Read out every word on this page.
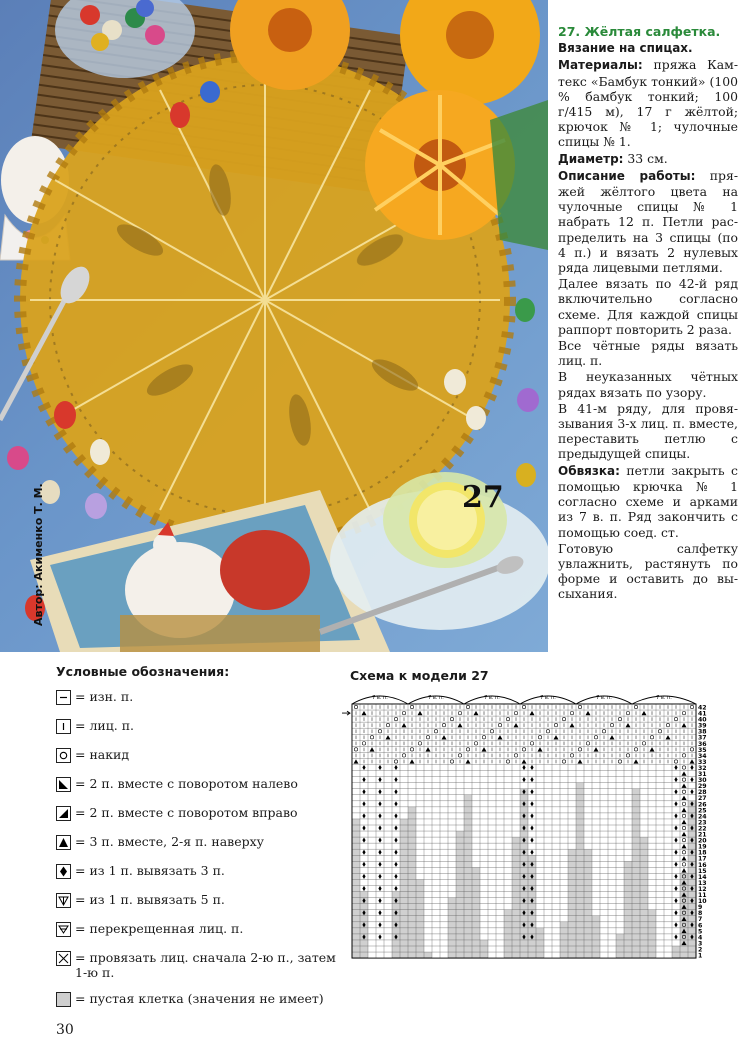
27
Автор: Акименко Т. М.

27. Жёлтая салфетка.

Вязание на спицах.

Материалы: пряжа Камтекс «Бамбук тонкий» (100 % бамбук тонкий; 100 г/415 м), 17 г жёлтой; крючок № 1; чулочные спицы № 1.

Диаметр: 33 см.

Описание работы: пряжей жёлтого цвета на чулочные спицы № 1 набрать 12 п. Петли распределить на 3 спицы (по 4 п.) и вязать 2 нулевых ряда лицевыми петлями.

Далее вязать по 42-й ряд включительно согласно схеме. Для каждой спицы раппорт повторить 2 раза.

Все чётные ряды вязать лиц. п.

В неуказанных чётных рядах вязать по узору.

В 41-м ряду, для провязывания 3-х лиц. п. вместе, переставить петлю с предыдущей спицы.

Обвязка: петли закрыть с помощью крючка № 1 согласно схеме и арками из 7 в. п. Ряд закончить с помощью соед. ст.

Готовую салфетку увлажнить, растянуть по форме и оставить до высыхания.

Условные обозначения:
= изн. п.
= лиц. п.
= накид
= 2 п. вместе с поворотом налево
= 2 п. вместе с поворотом вправо
= 3 п. вместе, 2-я п. наверху
= из 1 п. вывязать 3 п.
= из 1 п. вывязать 5 п.
= перекрещенная лиц. п.
= провязать лиц. сначала 2-ю п., затем 1-ю п.
= пустая клетка (значения не имеет)
Схема к модели 27
7 в. п.	7 в. п.	7 в. п.	7 в. п.	7 в. п.	7 в. п.
42
41
40
39
38
37
36
35
34
33
32
31
30
29
28
27
26
25
24
23
22
21
20
19
18
17
16
15
14
13
12
11
10
9
8
7
6
5
4
3
2
1
30
